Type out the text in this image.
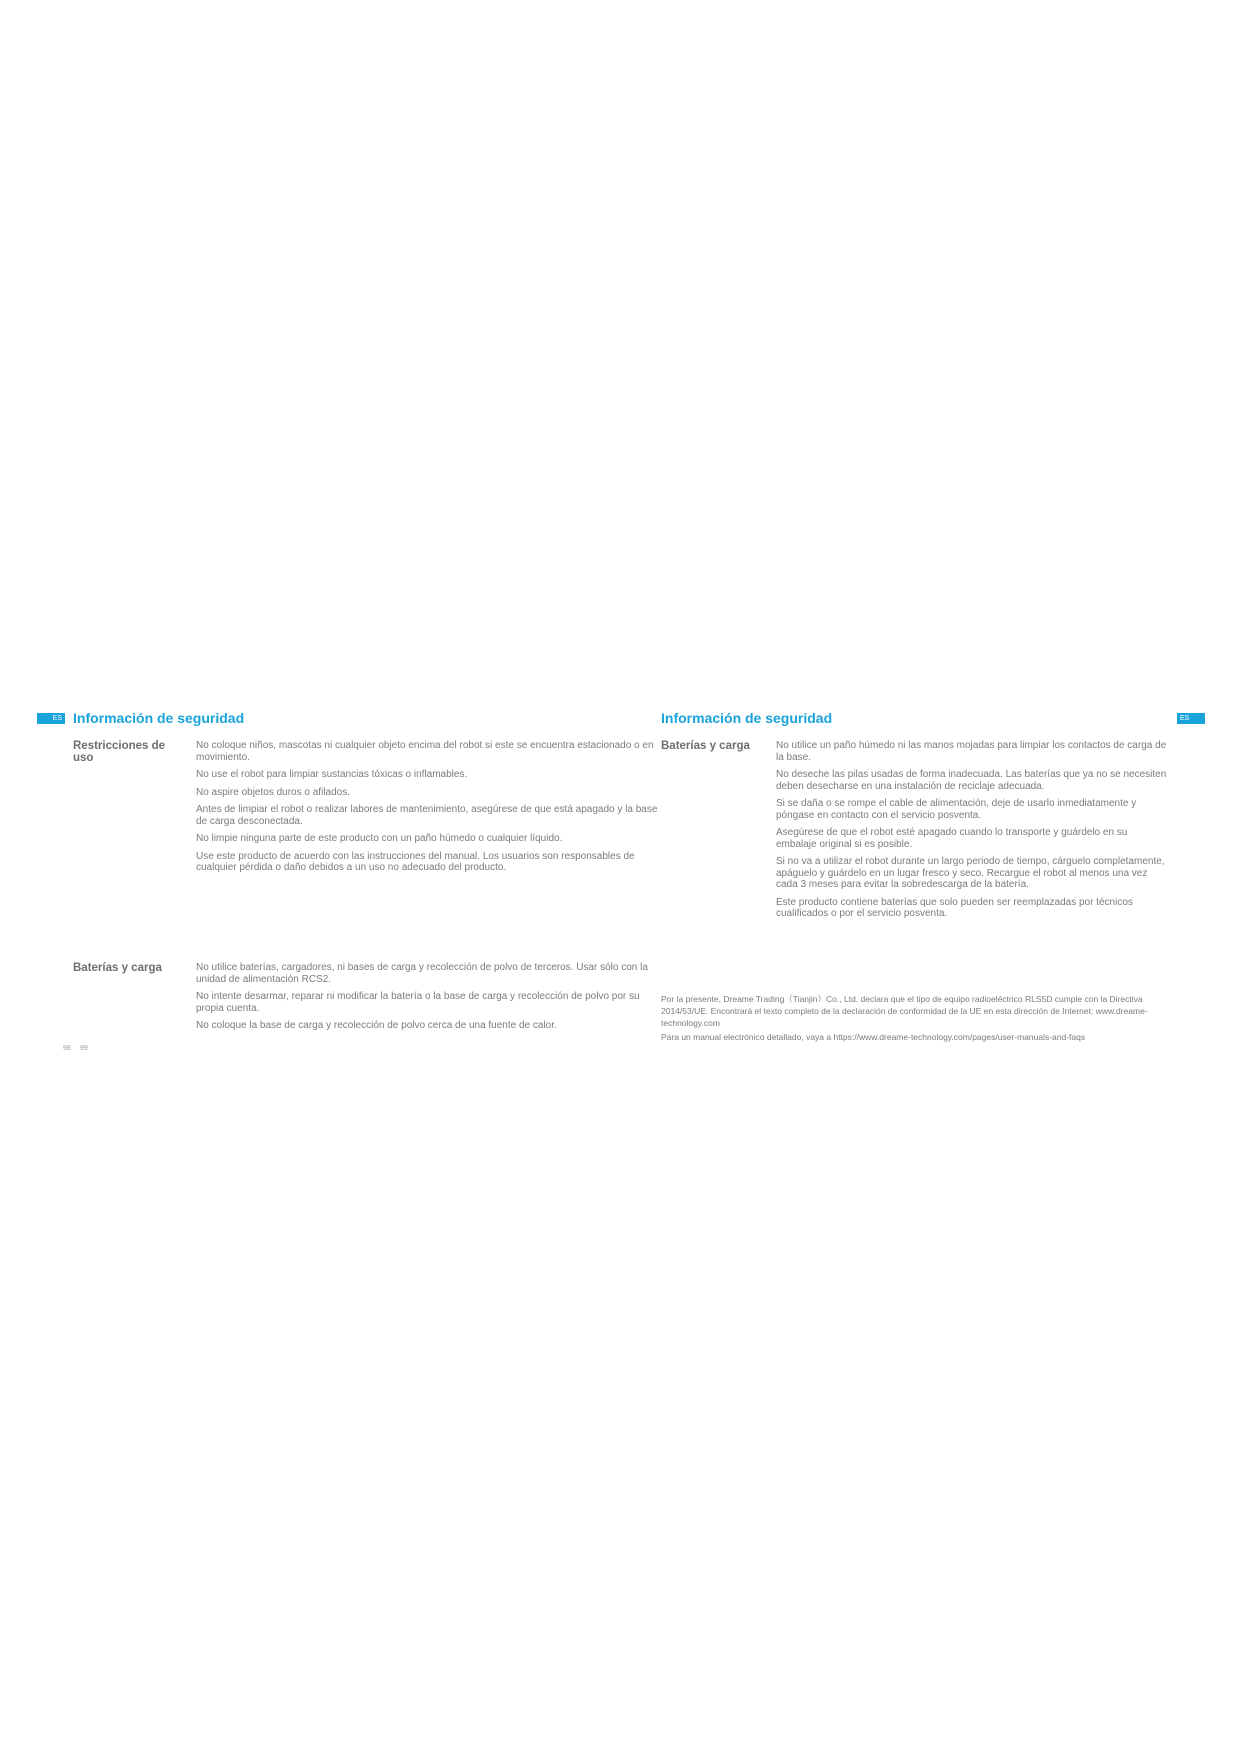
ES Información de seguridad
Restricciones de uso
No coloque niños, mascotas ni cualquier objeto encima del robot si este se encuentra estacionado o en movimiento.
No use el robot para limpiar sustancias tóxicas o inflamables.
No aspire objetos duros o afilados.
Antes de limpiar el robot o realizar labores de mantenimiento, asegúrese de que está apagado y la base de carga desconectada.
No limpie ninguna parte de este producto con un paño húmedo o cualquier líquido.
Use este producto de acuerdo con las instrucciones del manual. Los usuarios son responsables de cualquier pérdida o daño debidos a un uso no adecuado del producto.
Baterías y carga	No utilice baterías, cargadores, ni bases de carga y recolección de polvo de terceros. Usar sólo con la unidad de alimentación RCS2.
No intente desarmar, reparar ni modificar la batería o la base de carga y recolección de polvo por su propia cuenta.
No coloque la base de carga y recolección de polvo cerca de una fuente de calor.
98 99
Información de seguridad	ES
Baterías y carga	No utilice un paño húmedo ni las manos mojadas para limpiar los contactos de carga de la base.
No deseche las pilas usadas de forma inadecuada. Las baterías que ya no se necesiten deben desecharse en una instalación de reciclaje adecuada.
Si se daña o se rompe el cable de alimentación, deje de usarlo inmediatamente y póngase en contacto con el servicio posventa.
Asegúrese de que el robot esté apagado cuando lo transporte y guárdelo en su embalaje original si es posible.
Si no va a utilizar el robot durante un largo periodo de tiempo, cárguelo completamente, apáguelo y guárdelo en un lugar fresco y seco. Recargue el robot al menos una vez cada 3 meses para evitar la sobredescarga de la batería.
Este producto contiene baterías que solo pueden ser reemplazadas por técnicos cualificados o por el servicio posventa.

Por la presente, Dreame Trading（Tianjin）Co., Ltd. declara que el tipo de equipo radioeléctrico RLS5D cumple con la Directiva 2014/53/UE. Encontrará el texto completo de la declaración de conformidad de la UE en esta dirección de Internet: www.dreame-technology.com

Para un manual electrónico detallado, vaya a https://www.dreame-technology.com/pages/user-manuals-and-faqs
